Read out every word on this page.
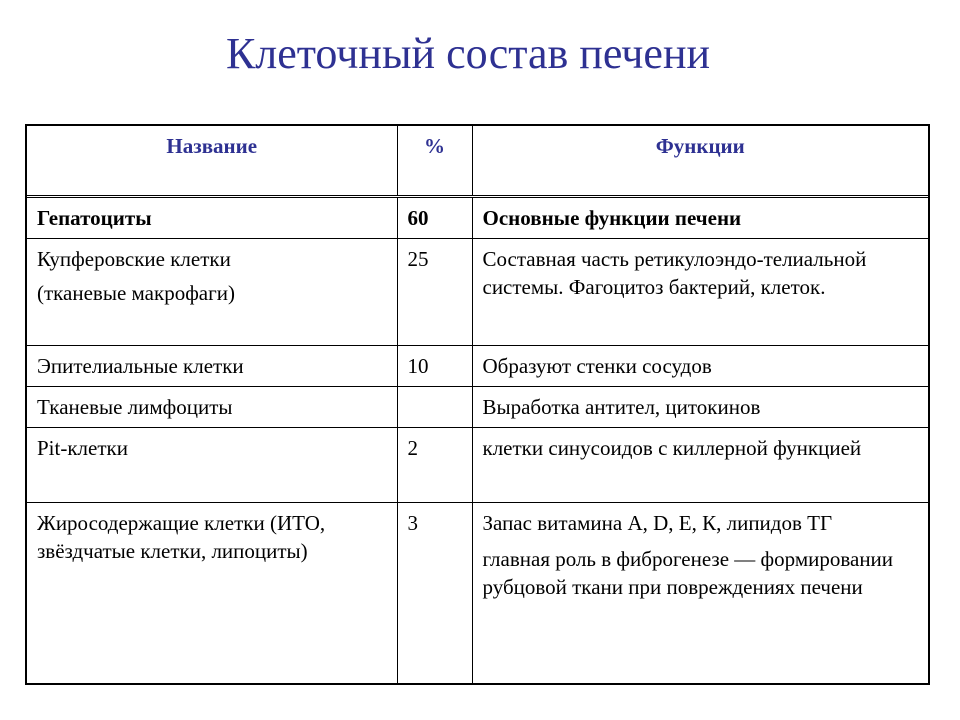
Клеточный состав печени
Название	%	Функции

Гепатоциты	60	Основные функции печени

Купферовские клетки
(тканевые макрофаги)	25	Составная часть ретикулоэндо-телиальной системы. Фагоцитоз бактерий, клеток.

Эпителиальные клетки	10	Образуют стенки сосудов

Тканевые лимфоциты		Выработка антител, цитокинов

Pit-клетки	2	клетки синусоидов с киллерной функцией

Жиросодержащие клетки (ИТО, звёздчатые клетки, липоциты)	3	Запас витамина А, D, Е, К, липидов ТГ
главная роль в фиброгенезе — формировании рубцовой ткани при повреждениях печени
